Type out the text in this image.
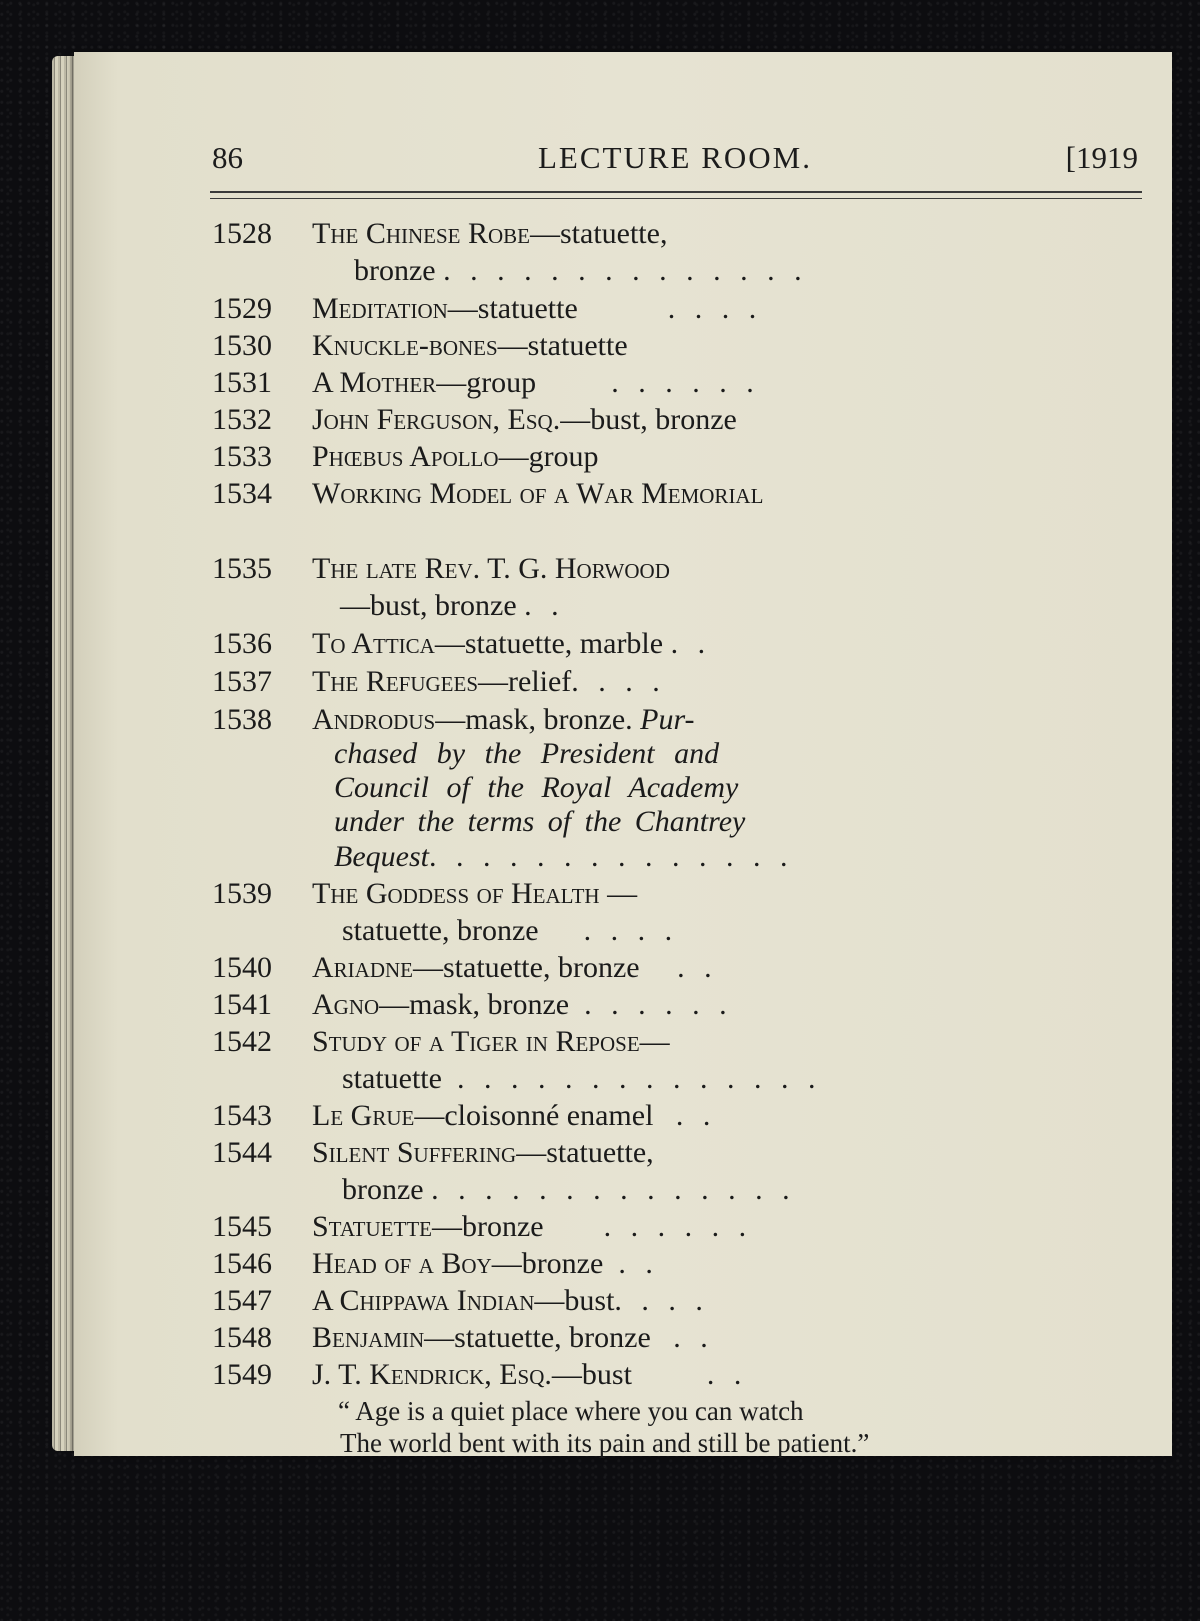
86	LECTURE ROOM.	[1919
1528	The Chinese Robe—statuette,
bronze . . . . . . . . . . . . . .
1529	Meditation—statuette	. . . .
1530	Knuckle-bones—statuette
1531	A Mother—group	. . . . . .
1532	John Ferguson, Esq.—bust, bronze
1533	Phœbus Apollo—group
1534	Working Model of a War Memorial
1535	The late Rev. T. G. Horwood
—bust, bronze . .
1536	To Attica—statuette, marble . .
1537	The Refugees—relief. . . .
1538	Androdus—mask, bronze. Pur-
chased by the President and
Council of the Royal Academy
under the terms of the Chantrey
Bequest. . . . . . . . . . . . . .
1539	The Goddess of Health —
statuette, bronze . . . .
1540	Ariadne—statuette, bronze . .
1541	Agno—mask, bronze . . . . . .
1542	Study of a Tiger in Repose—
statuette . . . . . . . . . . . . . .
1543	Le Grue—cloisonné enamel . .
1544	Silent Suffering—statuette,
bronze . . . . . . . . . . . . . .
1545	Statuette—bronze . . . . . .
1546	Head of a Boy—bronze . .
1547	A Chippawa Indian—bust. . . .
1548	Benjamin—statuette, bronze . .
1549	J. T. Kendrick, Esq.—bust	. .
“ Age is a quiet place where you can watch
The world bent with its pain and still be patient.”
